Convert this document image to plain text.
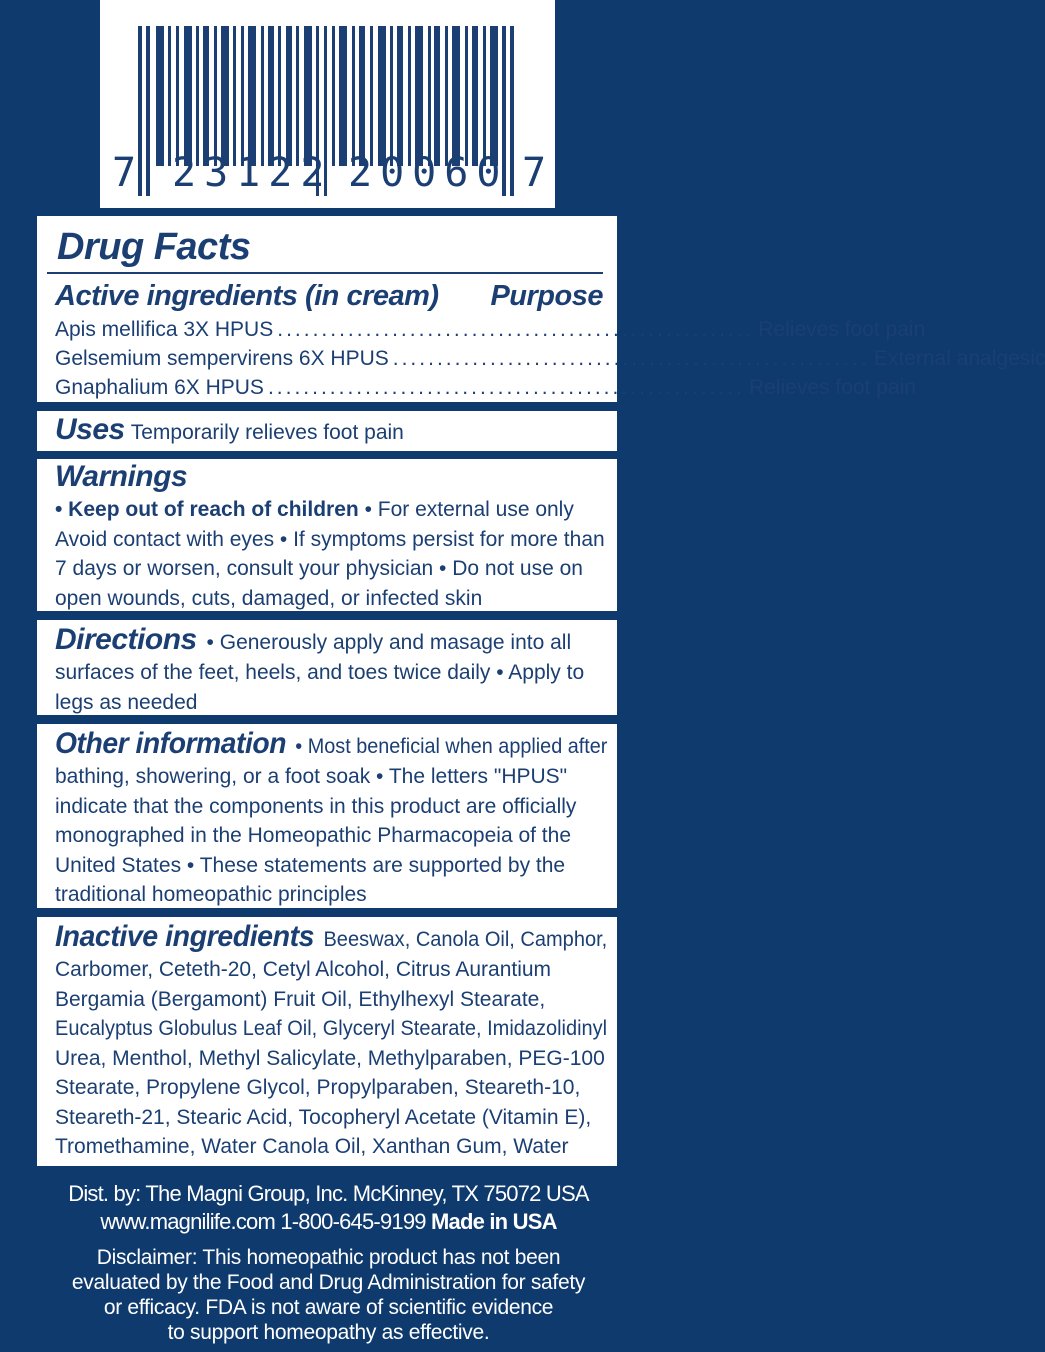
7 23122 20060 7
Drug Facts
Active ingredients (in cream) Purpose
Apis mellifica 3X HPUS ...................................................... Relieves foot pain
Gelsemium sempervirens 6X HPUS ...................................................... External analgesic
Gnaphalium 6X HPUS ...................................................... Relieves foot pain
Uses Temporarily relieves foot pain
Warnings
• Keep out of reach of children • For external use only
Avoid contact with eyes • If symptoms persist for more than
7 days or worsen, consult your physician • Do not use on
open wounds, cuts, damaged, or infected skin
Directions • Generously apply and masage into all
surfaces of the feet, heels, and toes twice daily • Apply to
legs as needed
Other information • Most beneficial when applied after
bathing, showering, or a foot soak • The letters "HPUS"
indicate that the components in this product are officially
monographed in the Homeopathic Pharmacopeia of the
United States • These statements are supported by the
traditional homeopathic principles
Inactive ingredients Beeswax, Canola Oil, Camphor,
Carbomer, Ceteth-20, Cetyl Alcohol, Citrus Aurantium
Bergamia (Bergamont) Fruit Oil, Ethylhexyl Stearate,
Eucalyptus Globulus Leaf Oil, Glyceryl Stearate, Imidazolidinyl
Urea, Menthol, Methyl Salicylate, Methylparaben, PEG-100
Stearate, Propylene Glycol, Propylparaben, Steareth-10,
Steareth-21, Stearic Acid, Tocopheryl Acetate (Vitamin E),
Tromethamine, Water Canola Oil, Xanthan Gum, Water
Dist. by: The Magni Group, Inc. McKinney, TX 75072 USA
www.magnilife.com 1-800-645-9199 Made in USA
Disclaimer: This homeopathic product has not been
evaluated by the Food and Drug Administration for safety
or efficacy. FDA is not aware of scientific evidence
to support homeopathy as effective.
